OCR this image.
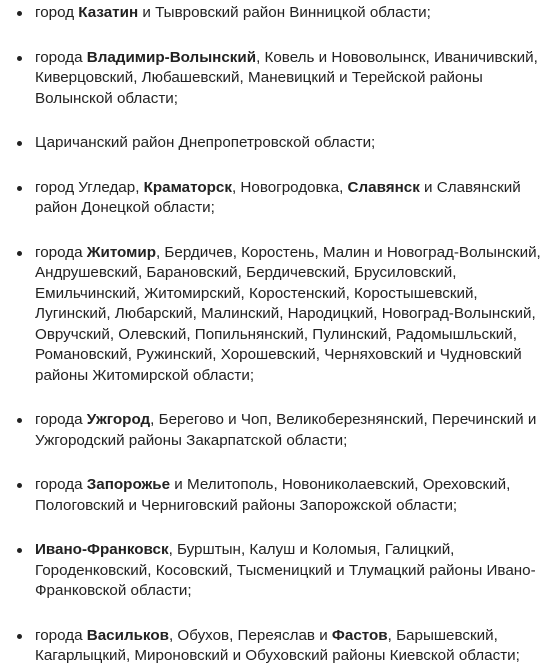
город Казатин и Тывровский район Винницкой области;
города Владимир-Волынский, Ковель и Нововолынск, Иваничивский, Киверцовский, Любашевский, Маневицкий и Терейской районы Волынской области;
Царичанский район Днепропетровской области;
город Угледар, Краматорск, Новогродовка, Славянск и Славянский район Донецкой области;
города Житомир, Бердичев, Коростень, Малин и Новоград-Волынский, Андрушевский, Барановский, Бердичевский, Брусиловский, Емильчинский, Житомирский, Коростенский, Коростышевский, Лугинский, Любарский, Малинский, Народицкий, Новоград-Волынский, Овручский, Олевский, Попильнянский, Пулинский, Радомышльский, Романовский, Ружинский, Хорошевский, Черняховский и Чудновский районы Житомирской области;
города Ужгород, Берегово и Чоп, Великоберезнянский, Перечинский и Ужгородский районы Закарпатской области;
города Запорожье и Мелитополь, Новониколаевский, Ореховский, Пологовский и Черниговский районы Запорожской области;
Ивано-Франковск, Бурштын, Калуш и Коломыя, Галицкий, Городенковский, Косовский, Тысменицкий и Тлумацкий районы Ивано-Франковской области;
города Васильков, Обухов, Переяслав и Фастов, Барышевский, Кагарлыцкий, Мироновский и Обуховский районы Киевской области;
